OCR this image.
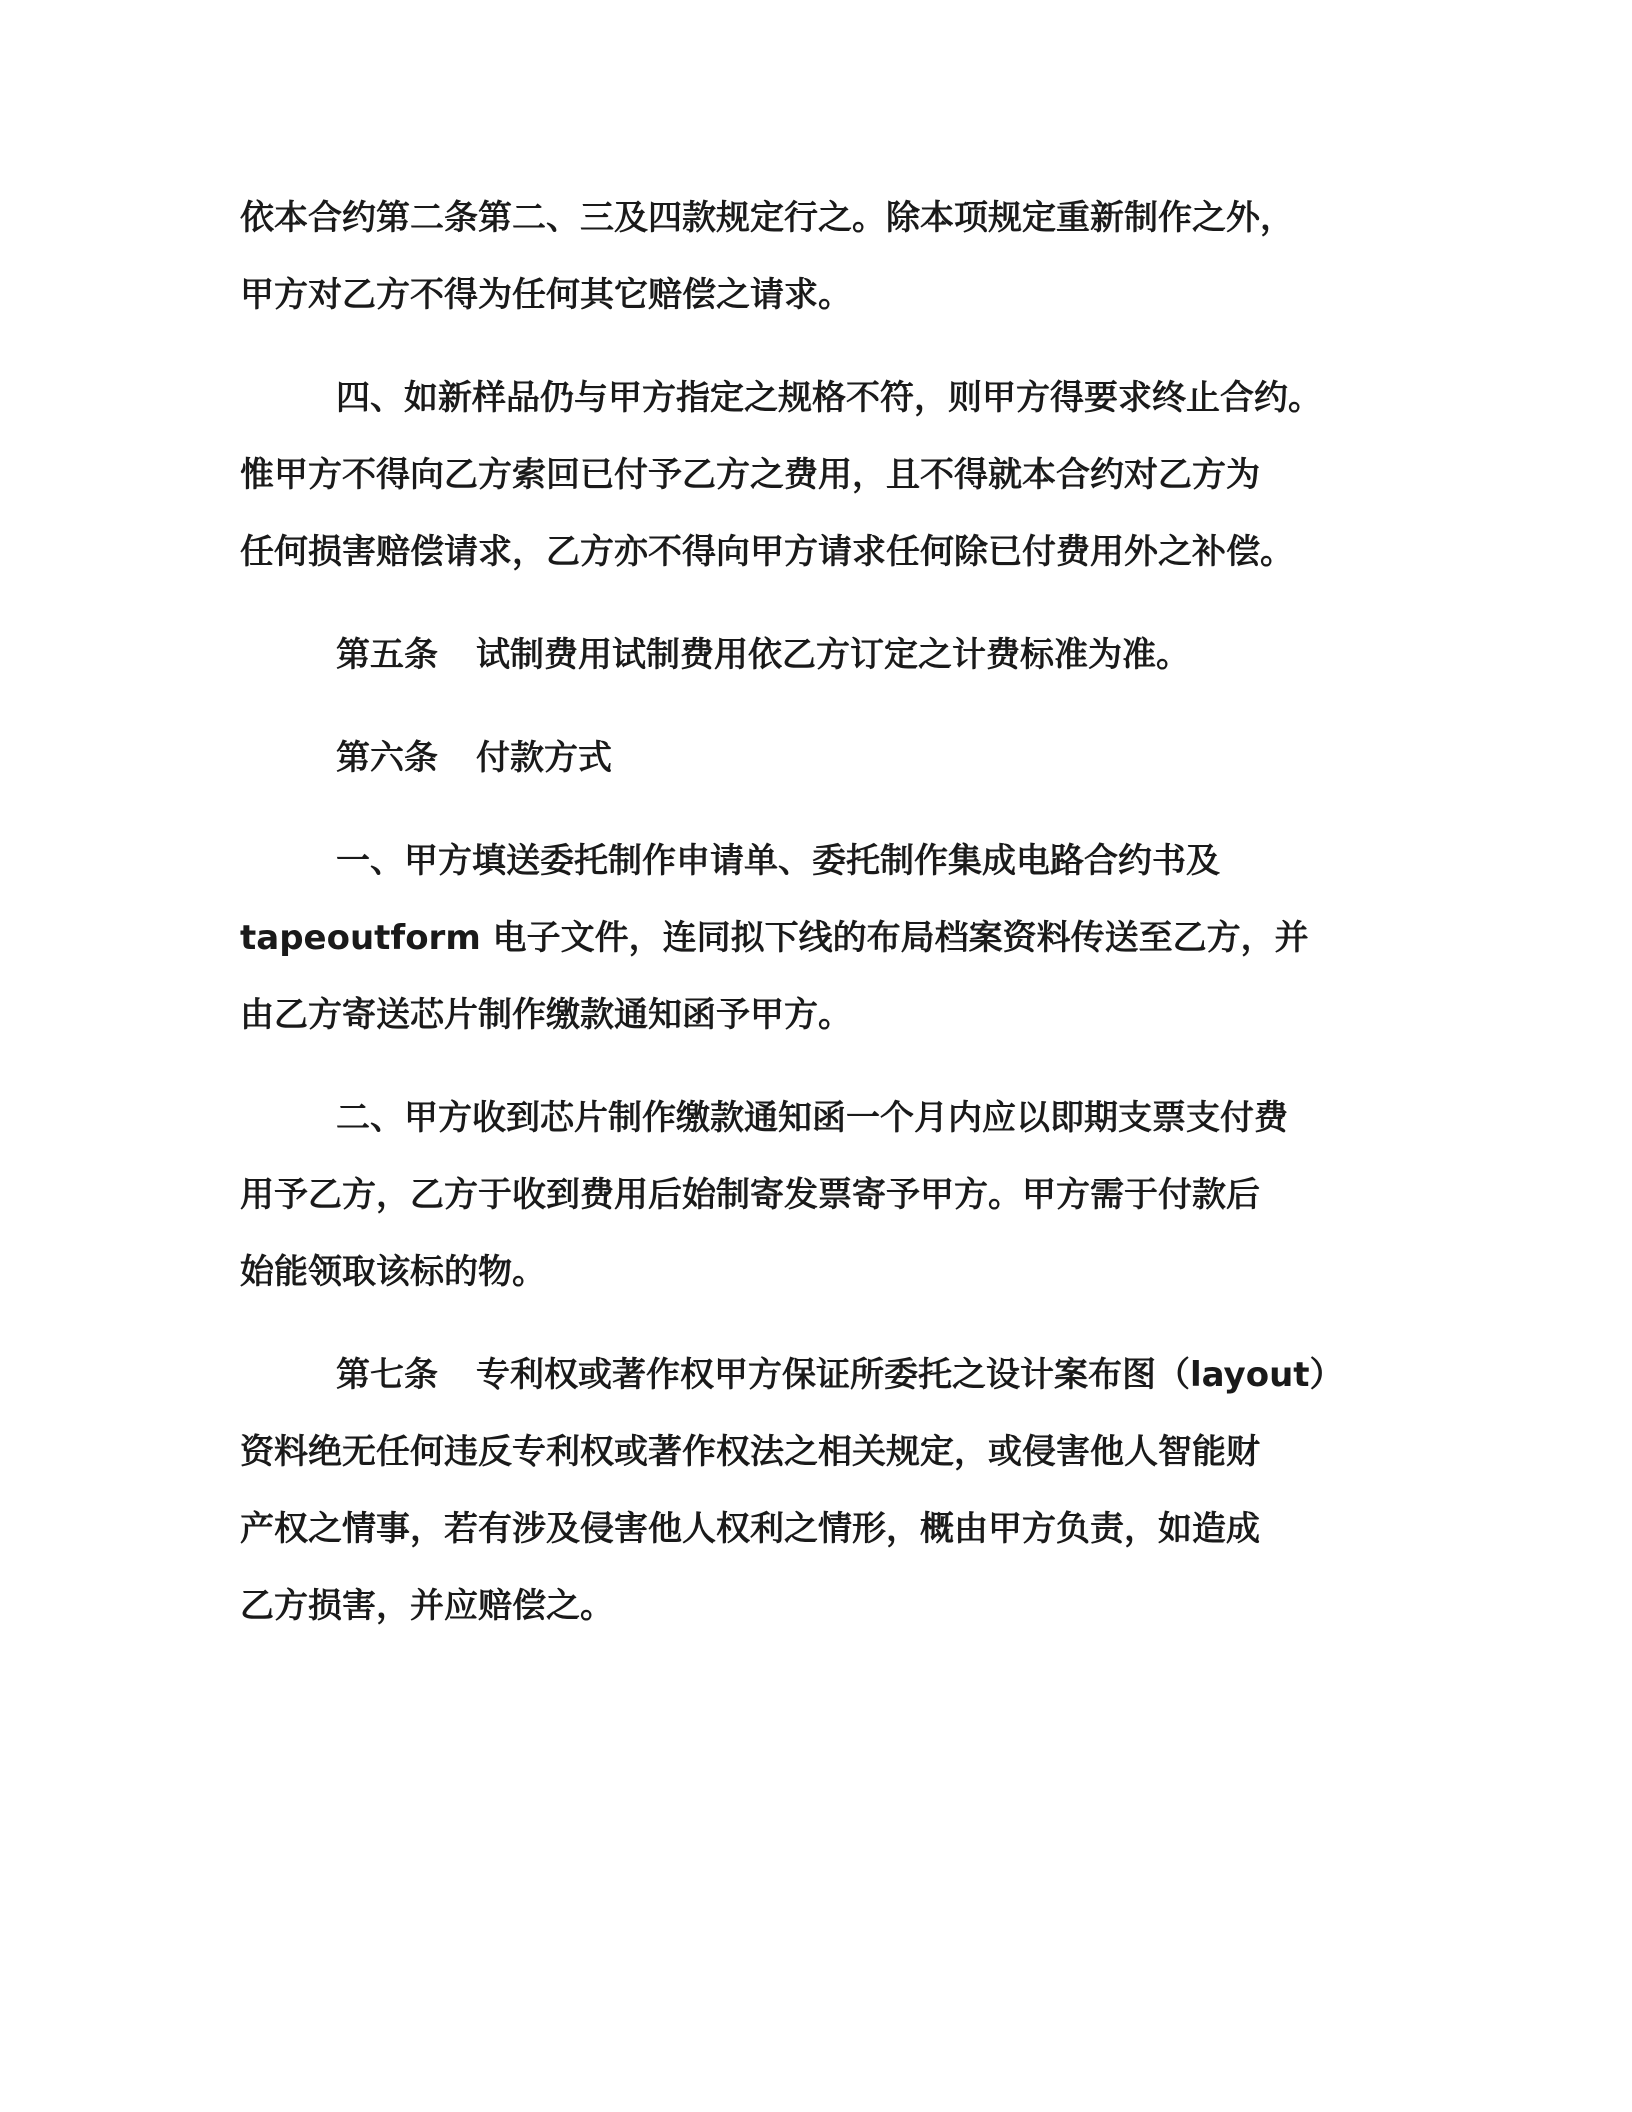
依本合约第二条第二、三及四款规定行之。除本项规定重新制作之外，
甲方对乙方不得为任何其它赔偿之请求。
四、如新样品仍与甲方指定之规格不符，则甲方得要求终止合约。
惟甲方不得向乙方索回已付予乙方之费用，且不得就本合约对乙方为
任何损害赔偿请求，乙方亦不得向甲方请求任何除已付费用外之补偿。
第五条 试制费用试制费用依乙方订定之计费标准为准。
第六条 付款方式
一、甲方填送委托制作申请单、委托制作集成电路合约书及
tapeoutform 电子文件，连同拟下线的布局档案资料传送至乙方，并
由乙方寄送芯片制作缴款通知函予甲方。
二、甲方收到芯片制作缴款通知函一个月内应以即期支票支付费
用予乙方，乙方于收到费用后始制寄发票寄予甲方。甲方需于付款后
始能领取该标的物。
第七条 专利权或著作权甲方保证所委托之设计案布图（layout）
资料绝无任何违反专利权或著作权法之相关规定，或侵害他人智能财
产权之情事，若有涉及侵害他人权利之情形，概由甲方负责，如造成
乙方损害，并应赔偿之。
